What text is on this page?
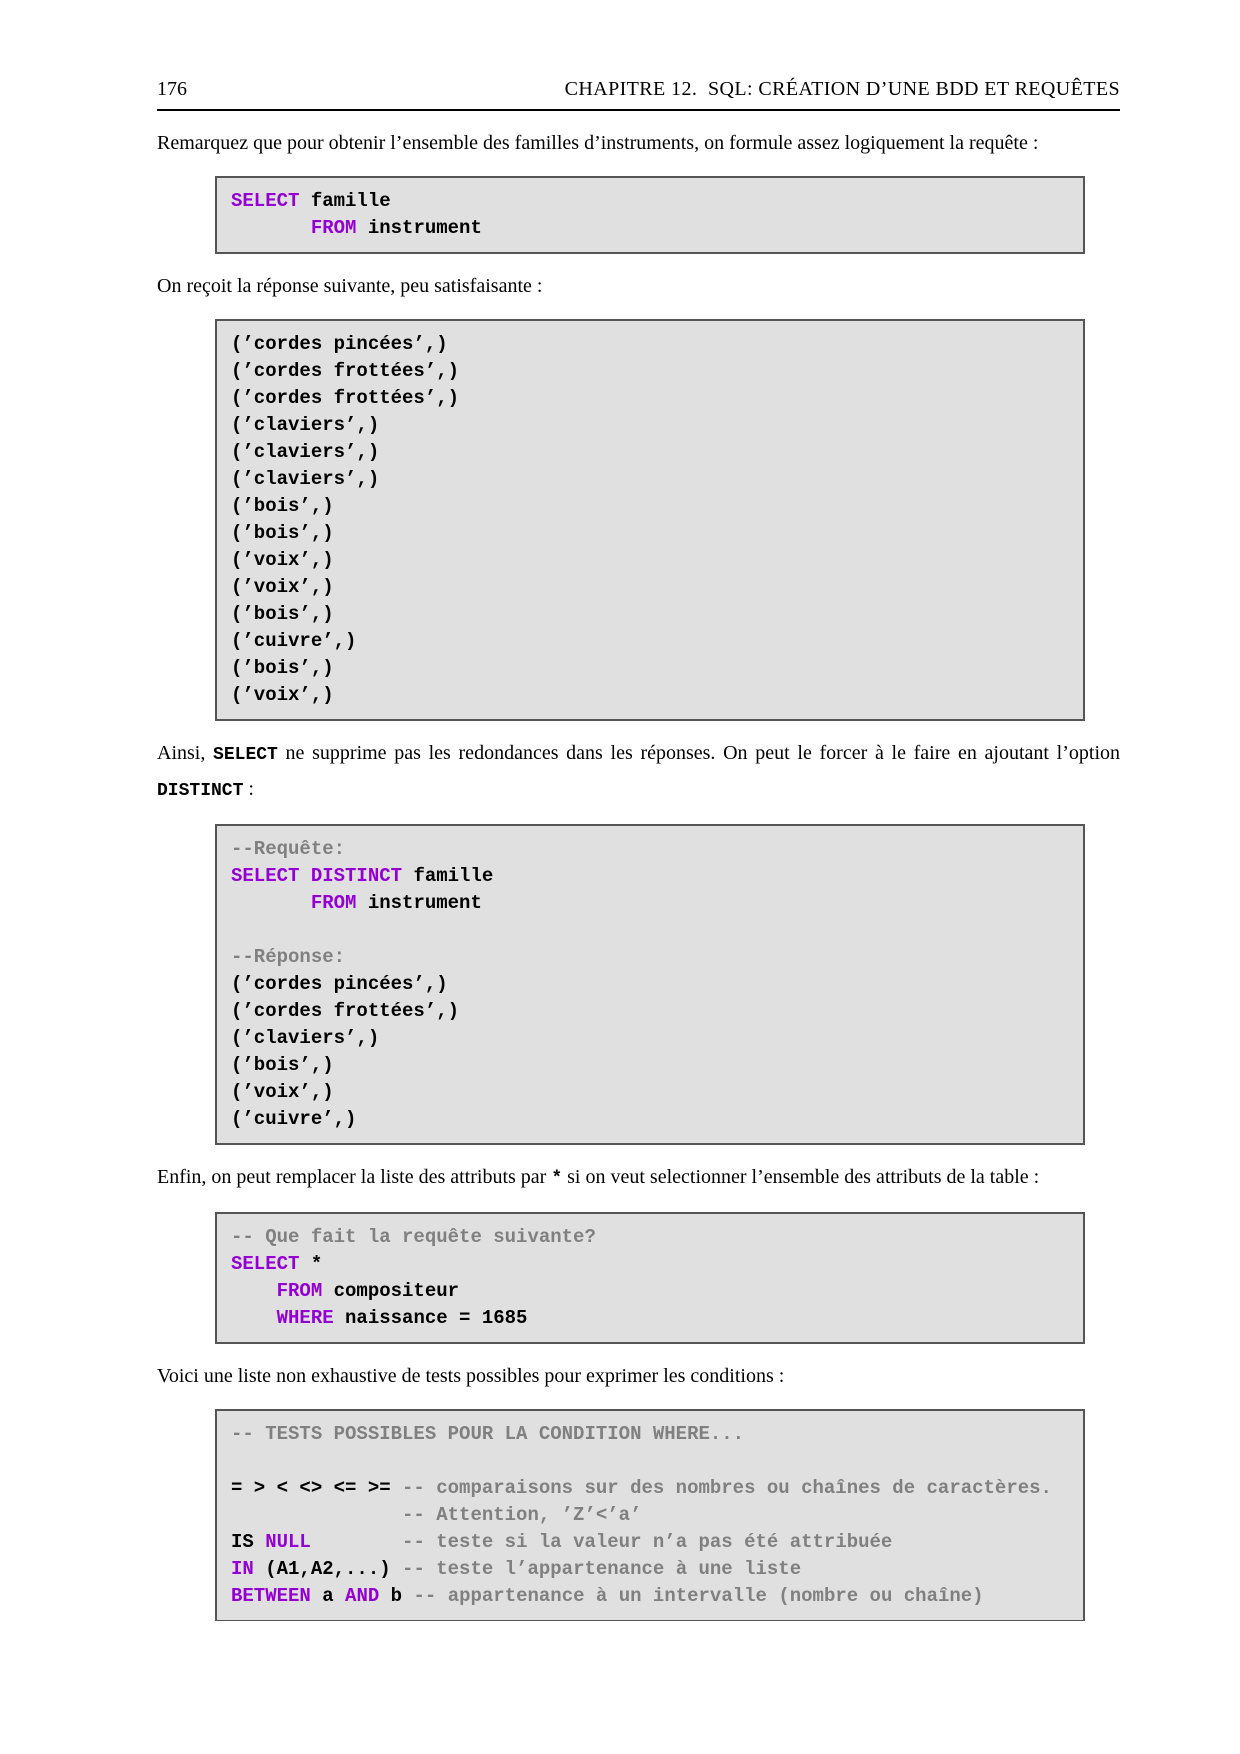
176	CHAPITRE 12.  SQL: CRÉATION D’UNE BDD ET REQUÊTES

Remarquez que pour obtenir l’ensemble des familles d’instruments, on formule assez logiquement la requête :

SELECT famille
FROM instrument

On reçoit la réponse suivante, peu satisfaisante :

(’cordes pincées’,)
(’cordes frottées’,)
(’cordes frottées’,)
(’claviers’,)
(’claviers’,)
(’claviers’,)
(’bois’,)
(’bois’,)
(’voix’,)
(’voix’,)
(’bois’,)
(’cuivre’,)
(’bois’,)
(’voix’,)

Ainsi, SELECT ne supprime pas les redondances dans les réponses. On peut le forcer à le faire en ajoutant l’option DISTINCT :

--Requête:
SELECT DISTINCT famille
FROM instrument

--Réponse:
(’cordes pincées’,)
(’cordes frottées’,)
(’claviers’,)
(’bois’,)
(’voix’,)
(’cuivre’,)

Enfin, on peut remplacer la liste des attributs par * si on veut selectionner l’ensemble des attributs de la table :

-- Que fait la requête suivante?
SELECT *
FROM compositeur
WHERE naissance = 1685

Voici une liste non exhaustive de tests possibles pour exprimer les conditions :

-- TESTS POSSIBLES POUR LA CONDITION WHERE...

= > < <> <= >= -- comparaisons sur des nombres ou chaînes de caractères.
-- Attention, ’Z’<’a’
IS NULL	-- teste si la valeur n’a pas été attribuée
IN (A1,A2,...) -- teste l’appartenance à une liste
BETWEEN a AND b -- appartenance à un intervalle (nombre ou chaîne)
